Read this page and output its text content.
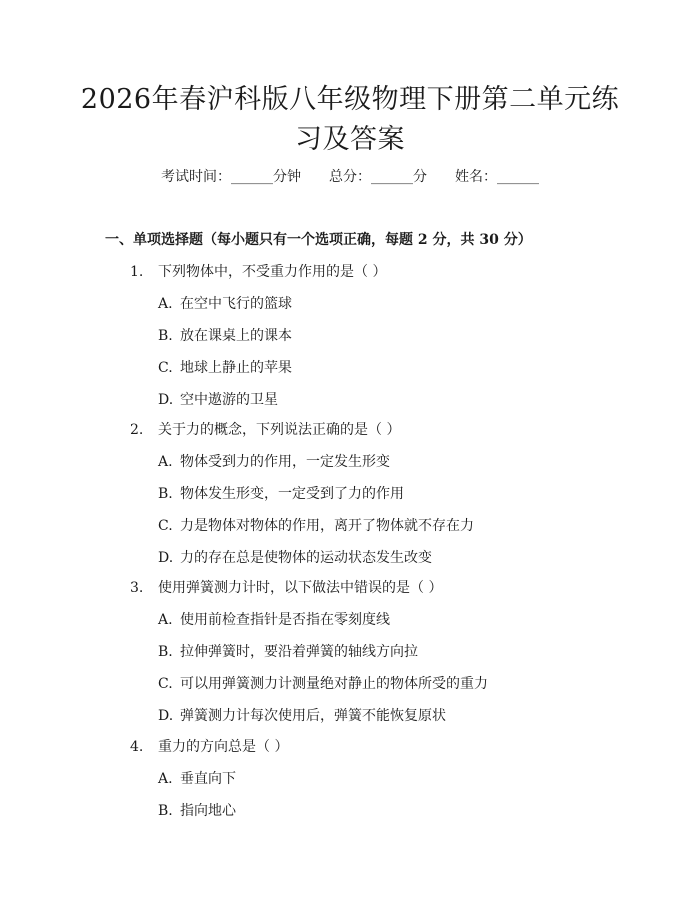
2026年春沪科版八年级物理下册第二单元练习及答案
考试时间：______分钟 总分：______分 姓名：______
一、单项选择题（每小题只有一个选项正确，每题 2 分，共 30 分）
1. 下列物体中，不受重力作用的是（ ）
A. 在空中飞行的篮球
B. 放在课桌上的课本
C. 地球上静止的苹果
D. 空中遨游的卫星
2. 关于力的概念，下列说法正确的是（ ）
A. 物体受到力的作用，一定发生形变
B. 物体发生形变，一定受到了力的作用
C. 力是物体对物体的作用，离开了物体就不存在力
D. 力的存在总是使物体的运动状态发生改变
3. 使用弹簧测力计时，以下做法中错误的是（ ）
A. 使用前检查指针是否指在零刻度线
B. 拉伸弹簧时，要沿着弹簧的轴线方向拉
C. 可以用弹簧测力计测量绝对静止的物体所受的重力
D. 弹簧测力计每次使用后，弹簧不能恢复原状
4. 重力的方向总是（ ）
A. 垂直向下
B. 指向地心
